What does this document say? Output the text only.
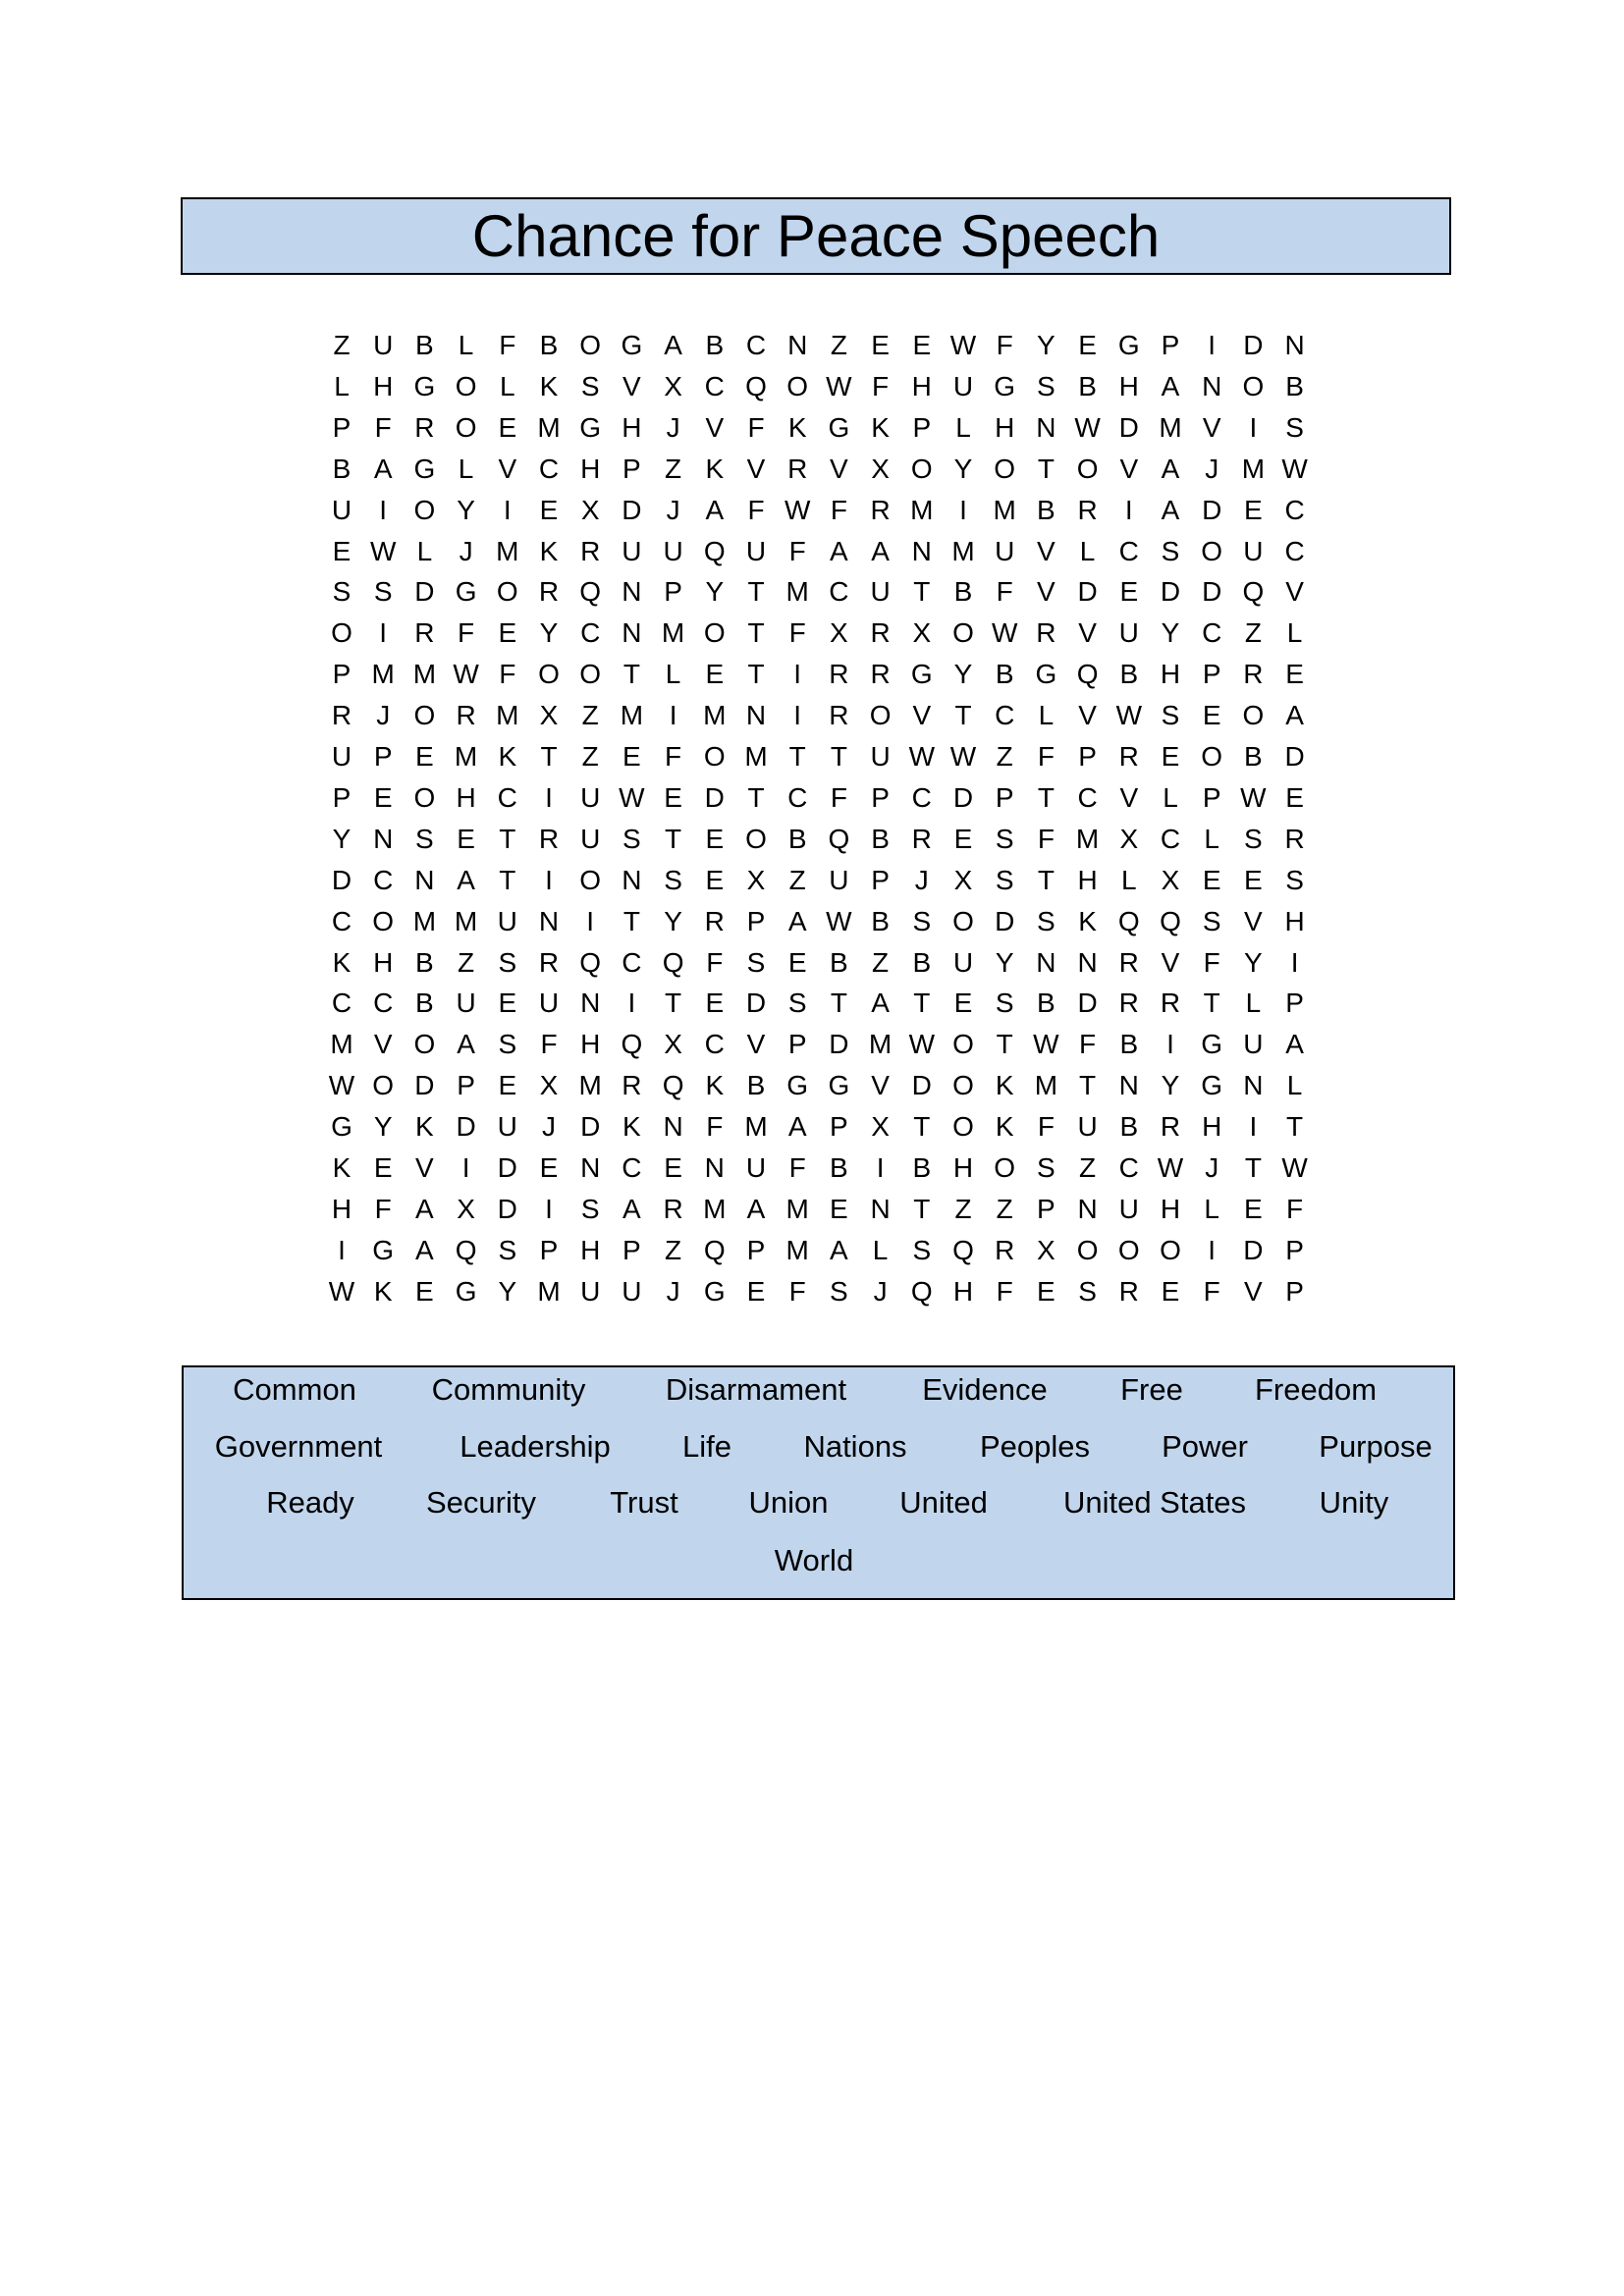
Chance for Peace Speech
Z U B L F B O G A B C N Z E E W F Y E G P	I	D N
L H G O L K S V X C Q O W F H U G S B H A N O B
P F R O E M G H J V F K G K P L H N W D M V	I	S
B A G L V C H P Z K V R V X O Y O T O V A J M W
U	I O Y	I	E X D J A F W F R M I M B R	I	A D E C
E W L J M K R U U Q U F A A N M U V L C S O U C
S S D G O R Q N P Y T M C U T B F V D E D D Q V
O I	R F E Y C N M O T F X R X O W R V U Y C Z L
P M M W F O O T L E T	I	R R G Y B G Q B H P R E
R J O R M X Z M I M N	I	R O V T C L V W S E O A
U P E M K T Z E F O M T T U W W Z F P R E O B D
P E O H C	I	U W E D T C F P C D P T C V L P W E
Y N S E T R U S T E O B Q B R E S F M X C L S R
D C N A T	I O N S E X Z U P J X S T H L X E E S
C O M M U N	I	T Y R P A W B S O D S K Q Q S V H
K H B Z S R Q C Q F S E B Z B U Y N N R V F Y	I
C C B U E U N	I	T E D S T A T E S B D R R T L P
M V O A S F H Q X C V P D M W O T W F B	I G U A
W O D P E X M R Q K B G G V D O K M T N Y G N L
G Y K D U J D K N F M A P X T O K F U B R H	I	T
K E V	I	D E N C E N U F B	I	B H O S Z C W J T W
H F A X D	I	S A R M A M E N T Z Z P N U H L E F
I G A Q S P H P Z Q P M A L S Q R X O O O I	D P
W K E G Y M U U J G E F S J Q H F E S R E F V P
Common Community	Disarmament Evidence Free Freedom
Government	Leadership Life Nations Peoples Power Purpose
Ready Security Trust Union United United States Unity
World
